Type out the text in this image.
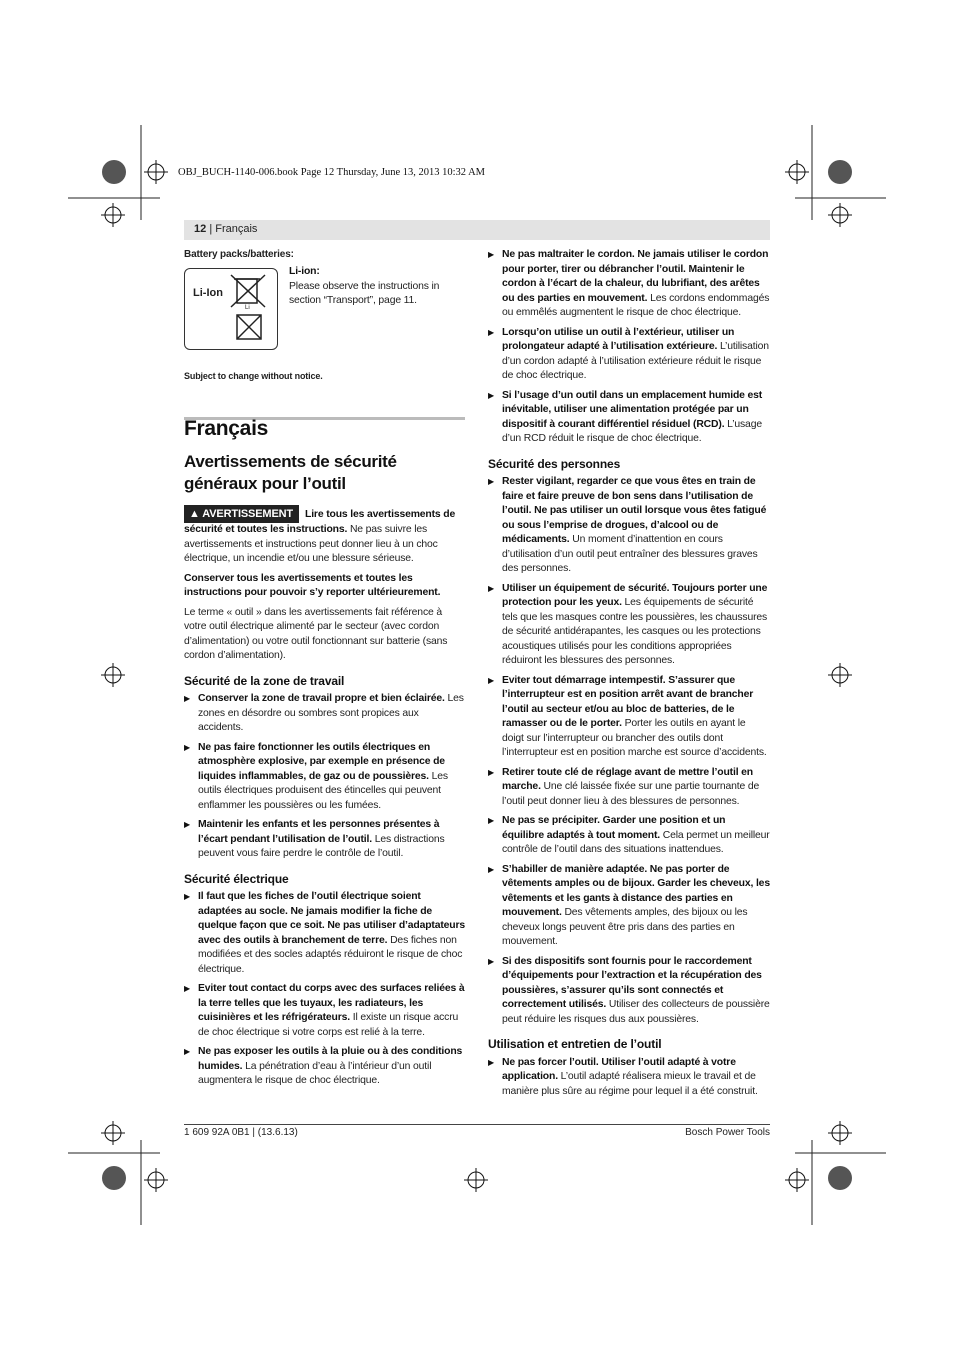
OBJ_BUCH-1140-006.book Page 12 Thursday, June 13, 2013 10:32 AM
12 | Français

Battery packs/batteries:

Li-Ion
Li

Li-ion:

Please observe the instructions in section “Transport”, page 11.

Subject to change without notice.

Français
Avertissements de sécurité généraux pour l’outil

▲ AVERTISSEMENT Lire tous les avertissements de sécurité et toutes les instructions. Ne pas suivre les avertissements et instructions peut donner lieu à un choc électrique, un incendie et/ou une blessure sérieuse.

Conserver tous les avertissements et toutes les instructions pour pouvoir s’y reporter ultérieurement.

Le terme « outil » dans les avertissements fait référence à votre outil électrique alimenté par le secteur (avec cordon d’alimentation) ou votre outil fonctionnant sur batterie (sans cordon d’alimentation).

Sécurité de la zone de travail
▶ Conserver la zone de travail propre et bien éclairée. Les zones en désordre ou sombres sont propices aux accidents.
▶ Ne pas faire fonctionner les outils électriques en atmosphère explosive, par exemple en présence de liquides inflammables, de gaz ou de poussières. Les outils électriques produisent des étincelles qui peuvent enflammer les poussières ou les fumées.
▶ Maintenir les enfants et les personnes présentes à l’écart pendant l’utilisation de l’outil. Les distractions peuvent vous faire perdre le contrôle de l’outil.
Sécurité électrique
▶ Il faut que les fiches de l’outil électrique soient adaptées au socle. Ne jamais modifier la fiche de quelque façon que ce soit. Ne pas utiliser d’adaptateurs avec des outils à branchement de terre. Des fiches non modifiées et des socles adaptés réduiront le risque de choc électrique.
▶ Eviter tout contact du corps avec des surfaces reliées à la terre telles que les tuyaux, les radiateurs, les cuisinières et les réfrigérateurs. Il existe un risque accru de choc électrique si votre corps est relié à la terre.
▶ Ne pas exposer les outils à la pluie ou à des conditions humides. La pénétration d’eau à l’intérieur d’un outil augmentera le risque de choc électrique.
▶ Ne pas maltraiter le cordon. Ne jamais utiliser le cordon pour porter, tirer ou débrancher l’outil. Maintenir le cordon à l’écart de la chaleur, du lubrifiant, des arêtes ou des parties en mouvement. Les cordons endommagés ou emmêlés augmentent le risque de choc électrique.
▶ Lorsqu’on utilise un outil à l’extérieur, utiliser un prolongateur adapté à l’utilisation extérieure. L’utilisation d’un cordon adapté à l’utilisation extérieure réduit le risque de choc électrique.
▶ Si l’usage d’un outil dans un emplacement humide est inévitable, utiliser une alimentation protégée par un dispositif à courant différentiel résiduel (RCD). L’usage d’un RCD réduit le risque de choc électrique.
Sécurité des personnes
▶ Rester vigilant, regarder ce que vous êtes en train de faire et faire preuve de bon sens dans l’utilisation de l’outil. Ne pas utiliser un outil lorsque vous êtes fatigué ou sous l’emprise de drogues, d’alcool ou de médicaments. Un moment d’inattention en cours d’utilisation d’un outil peut entraîner des blessures graves des personnes.
▶ Utiliser un équipement de sécurité. Toujours porter une protection pour les yeux. Les équipements de sécurité tels que les masques contre les poussières, les chaussures de sécurité antidérapantes, les casques ou les protections acoustiques utilisés pour les conditions appropriées réduiront les blessures des personnes.
▶ Eviter tout démarrage intempestif. S’assurer que l’interrupteur est en position arrêt avant de brancher l’outil au secteur et/ou au bloc de batteries, de le ramasser ou de le porter. Porter les outils en ayant le doigt sur l’interrupteur ou brancher des outils dont l’interrupteur est en position marche est source d’accidents.
▶ Retirer toute clé de réglage avant de mettre l’outil en marche. Une clé laissée fixée sur une partie tournante de l’outil peut donner lieu à des blessures de personnes.
▶ Ne pas se précipiter. Garder une position et un équilibre adaptés à tout moment. Cela permet un meilleur contrôle de l’outil dans des situations inattendues.
▶ S’habiller de manière adaptée. Ne pas porter de vêtements amples ou de bijoux. Garder les cheveux, les vêtements et les gants à distance des parties en mouvement. Des vêtements amples, des bijoux ou les cheveux longs peuvent être pris dans des parties en mouvement.
▶ Si des dispositifs sont fournis pour le raccordement d’équipements pour l’extraction et la récupération des poussières, s’assurer qu’ils sont connectés et correctement utilisés. Utiliser des collecteurs de poussière peut réduire les risques dus aux poussières.
Utilisation et entretien de l’outil
▶ Ne pas forcer l’outil. Utiliser l’outil adapté à votre application. L’outil adapté réalisera mieux le travail et de manière plus sûre au régime pour lequel il a été construit.
1 609 92A 0B1 | (13.6.13)	Bosch Power Tools
